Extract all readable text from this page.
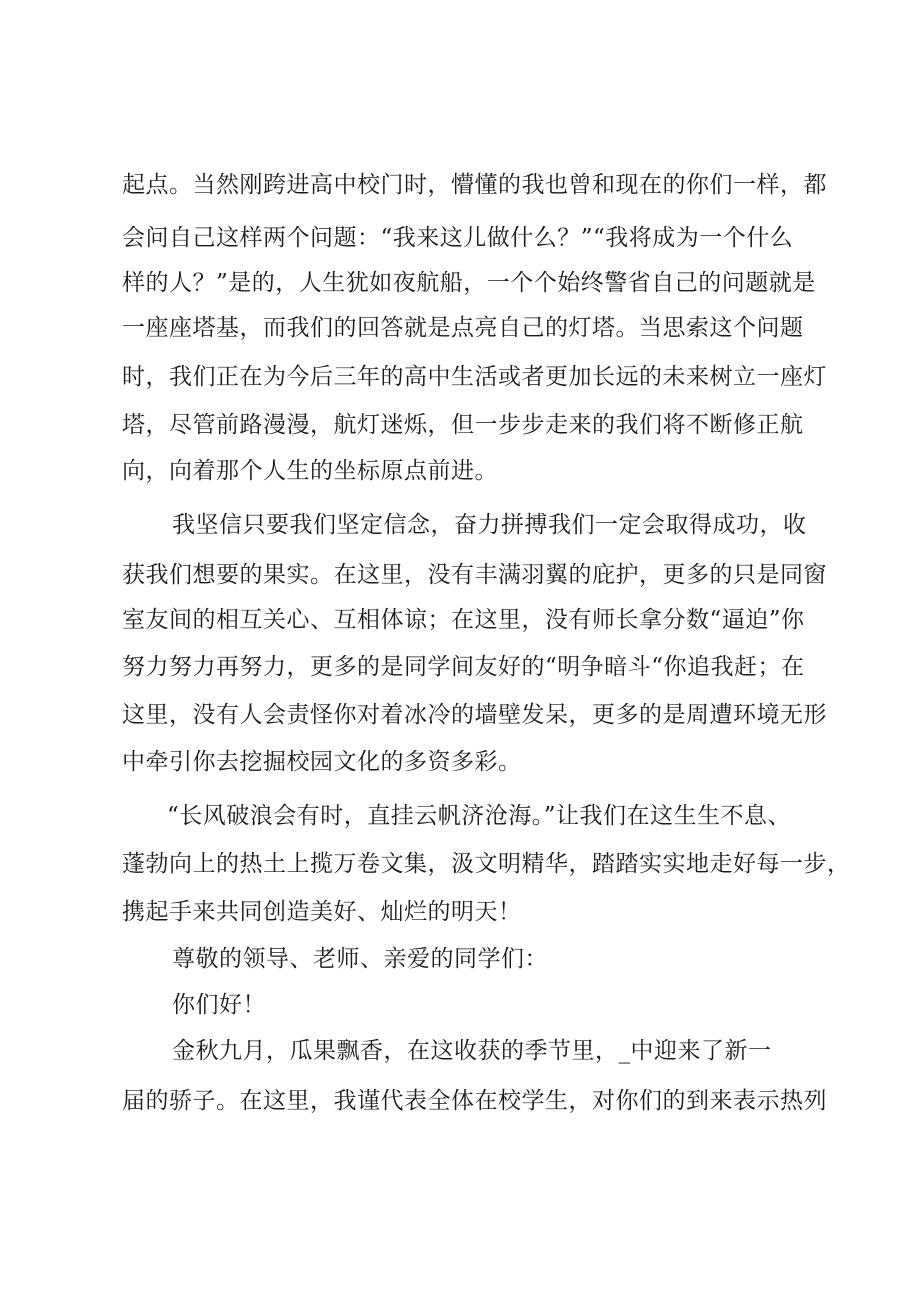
起点。当然刚跨进高中校门时，懵懂的我也曾和现在的你们一样，都
会问自己这样两个问题：“我来这儿做什么？”“我将成为一个什么
样的人？”是的，人生犹如夜航船，一个个始终警省自己的问题就是
一座座塔基，而我们的回答就是点亮自己的灯塔。当思索这个问题
时，我们正在为今后三年的高中生活或者更加长远的未来树立一座灯
塔，尽管前路漫漫，航灯迷烁，但一步步走来的我们将不断修正航
向，向着那个人生的坐标原点前进。
我坚信只要我们坚定信念，奋力拼搏我们一定会取得成功，收
获我们想要的果实。在这里，没有丰满羽翼的庇护，更多的只是同窗
室友间的相互关心、互相体谅；在这里，没有师长拿分数“逼迫”你
努力努力再努力，更多的是同学间友好的“明争暗斗“你追我赶；在
这里，没有人会责怪你对着冰冷的墙壁发呆，更多的是周遭环境无形
中牵引你去挖掘校园文化的多资多彩。
“长风破浪会有时，直挂云帆济沧海。”让我们在这生生不息、
蓬勃向上的热土上揽万卷文集，汲文明精华，踏踏实实地走好每一步，
携起手来共同创造美好、灿烂的明天！
尊敬的领导、老师、亲爱的同学们：
你们好！
金秋九月，瓜果飘香，在这收获的季节里，_中迎来了新一
届的骄子。在这里，我谨代表全体在校学生，对你们的到来表示热列
